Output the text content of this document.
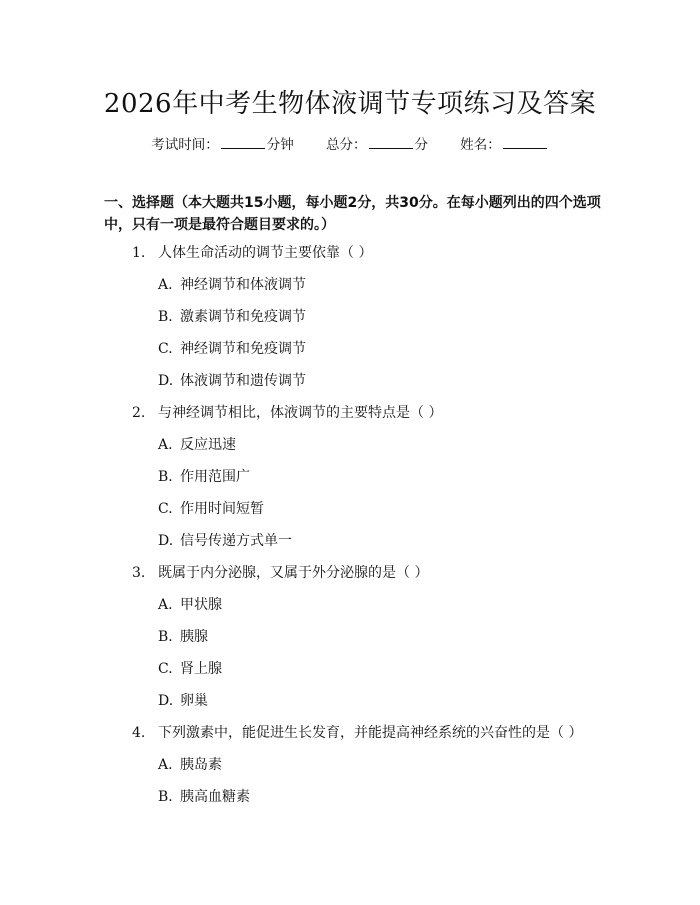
2026年中考生物体液调节专项练习及答案
考试时间：	分钟 总分：	分 姓名：
一、选择题（本大题共15小题，每小题2分，共30分。在每小题列出的四个选项中，只有一项是最符合题目要求的。）
1. 人体生命活动的调节主要依靠（ ）
A. 神经调节和体液调节
B. 激素调节和免疫调节
C. 神经调节和免疫调节
D. 体液调节和遗传调节
2. 与神经调节相比，体液调节的主要特点是（ ）
A. 反应迅速
B. 作用范围广
C. 作用时间短暂
D. 信号传递方式单一
3. 既属于内分泌腺，又属于外分泌腺的是（ ）
A. 甲状腺
B. 胰腺
C. 肾上腺
D. 卵巢
4. 下列激素中，能促进生长发育，并能提高神经系统的兴奋性的是（ ）
A. 胰岛素
B. 胰高血糖素
